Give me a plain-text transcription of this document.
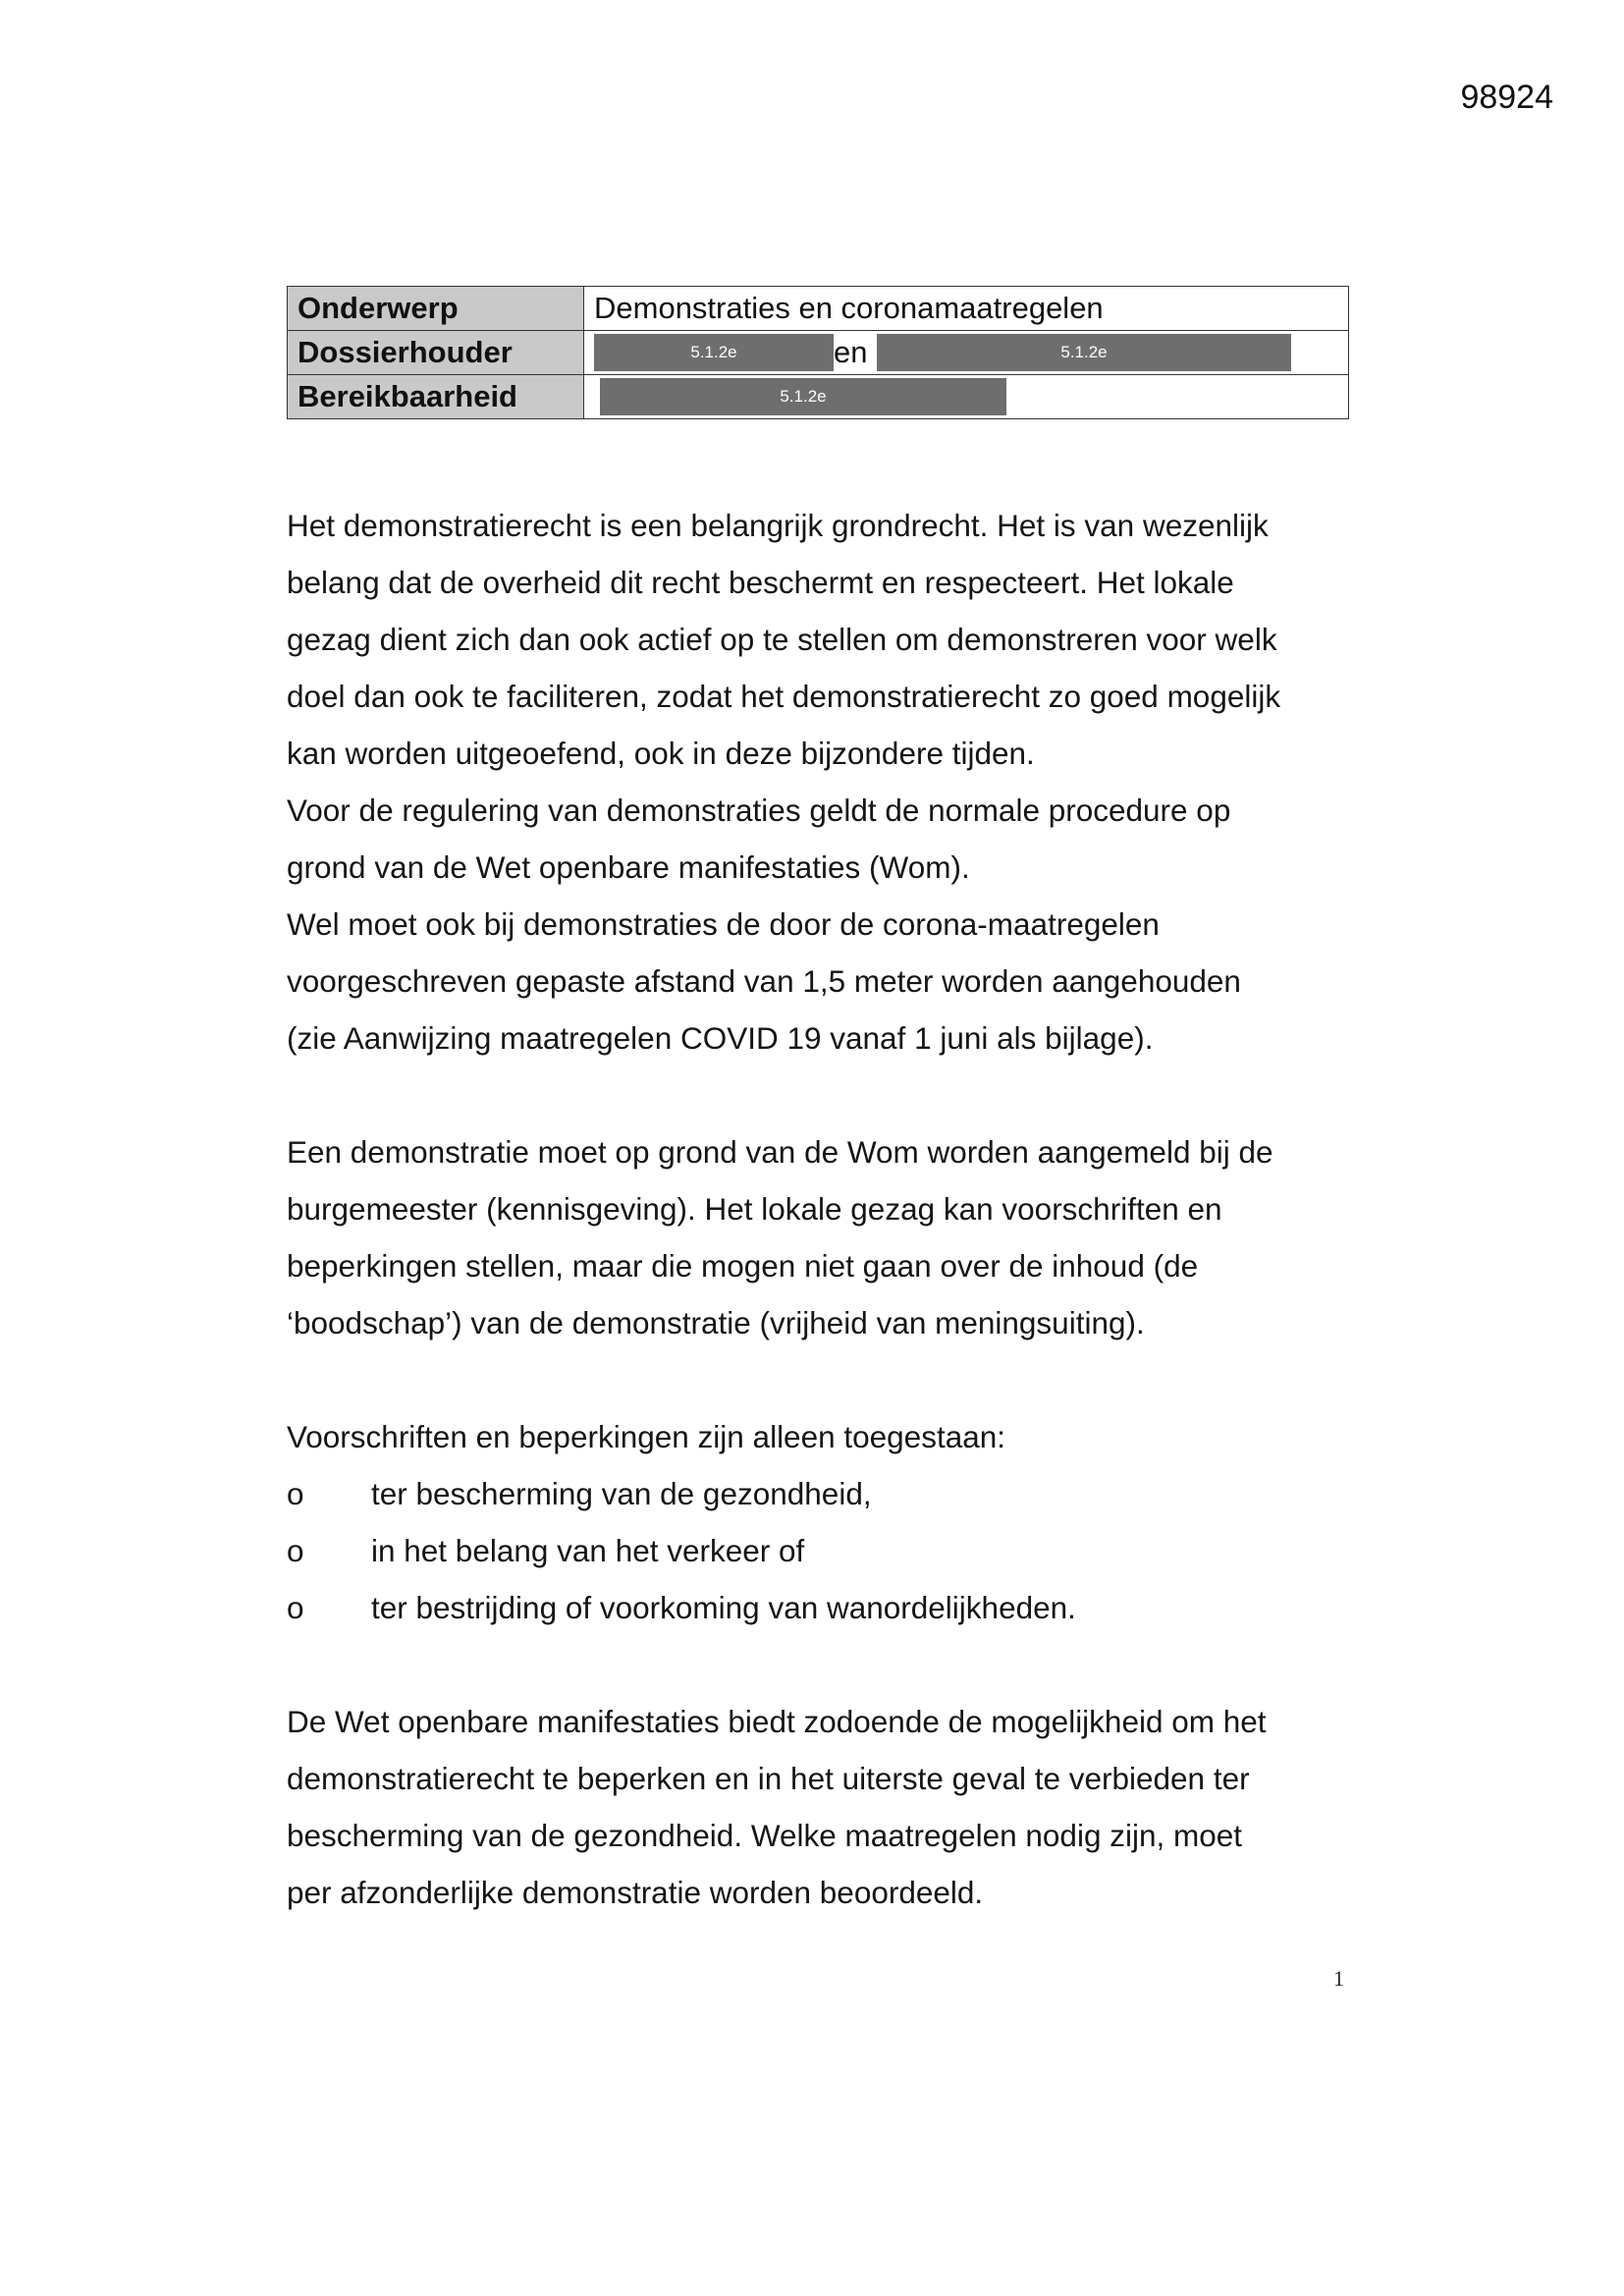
98924
Onderwerp	Demonstraties en coronamaatregelen
Dossierhouder	5.1.2e en 5.1.2e

Bereikbaarheid	5.1.2e

Het demonstratierecht is een belangrijk grondrecht. Het is van wezenlijk

belang dat de overheid dit recht beschermt en respecteert. Het lokale

gezag dient zich dan ook actief op te stellen om demonstreren voor welk

doel dan ook te faciliteren, zodat het demonstratierecht zo goed mogelijk

kan worden uitgeoefend, ook in deze bijzondere tijden.

Voor de regulering van demonstraties geldt de normale procedure op

grond van de Wet openbare manifestaties (Wom).

Wel moet ook bij demonstraties de door de corona-maatregelen

voorgeschreven gepaste afstand van 1,5 meter worden aangehouden

(zie Aanwijzing maatregelen COVID 19 vanaf 1 juni als bijlage).

Een demonstratie moet op grond van de Wom worden aangemeld bij de

burgemeester (kennisgeving). Het lokale gezag kan voorschriften en

beperkingen stellen, maar die mogen niet gaan over de inhoud (de

‘boodschap’) van de demonstratie (vrijheid van meningsuiting).

Voorschriften en beperkingen zijn alleen toegestaan:

o	ter bescherming van de gezondheid,
o	in het belang van het verkeer of
o	ter bestrijding of voorkoming van wanordelijkheden.

De Wet openbare manifestaties biedt zodoende de mogelijkheid om het

demonstratierecht te beperken en in het uiterste geval te verbieden ter

bescherming van de gezondheid. Welke maatregelen nodig zijn, moet

per afzonderlijke demonstratie worden beoordeeld.

1
